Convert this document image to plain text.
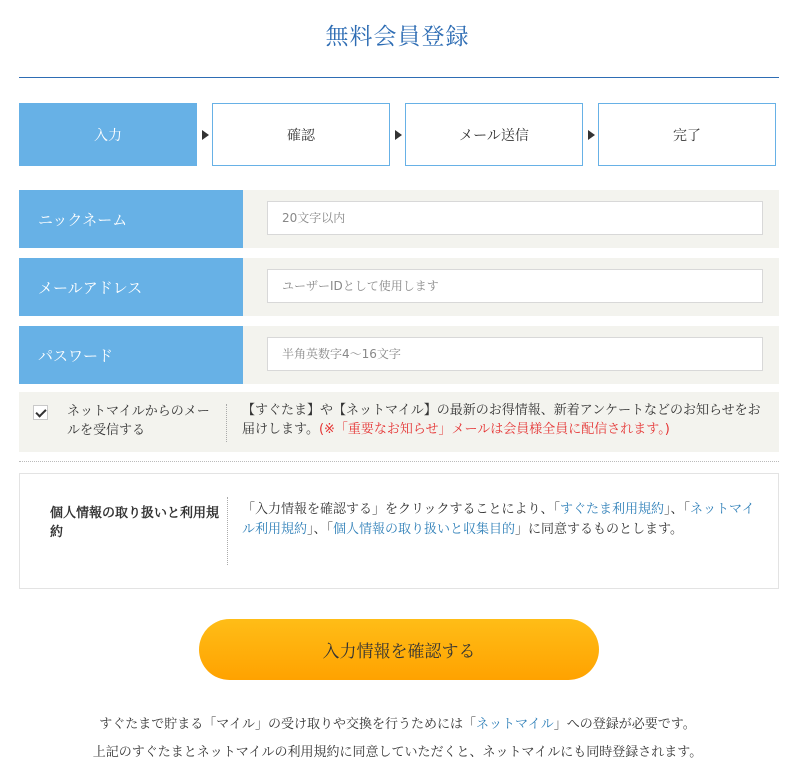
無料会員登録
入力	確認	メール送信	完了
ニックネーム
20文字以内
メールアドレス
ユーザーIDとして使用します
パスワード
半角英数字4～16文字
ネットマイルからのメールを受信する
【すぐたま】や【ネットマイル】の最新のお得情報、新着アンケートなどのお知らせをお届けします。(※「重要なお知らせ」メールは会員様全員に配信されます。)
個人情報の取り扱いと利用規約
「入力情報を確認する」をクリックすることにより、「すぐたま利用規約」、「ネットマイル利用規約」、「個人情報の取り扱いと収集目的」に同意するものとします。
入力情報を確認する
すぐたまで貯まる「マイル」の受け取りや交換を行うためには「ネットマイル」への登録が必要です。
上記のすぐたまとネットマイルの利用規約に同意していただくと、ネットマイルにも同時登録されます。
